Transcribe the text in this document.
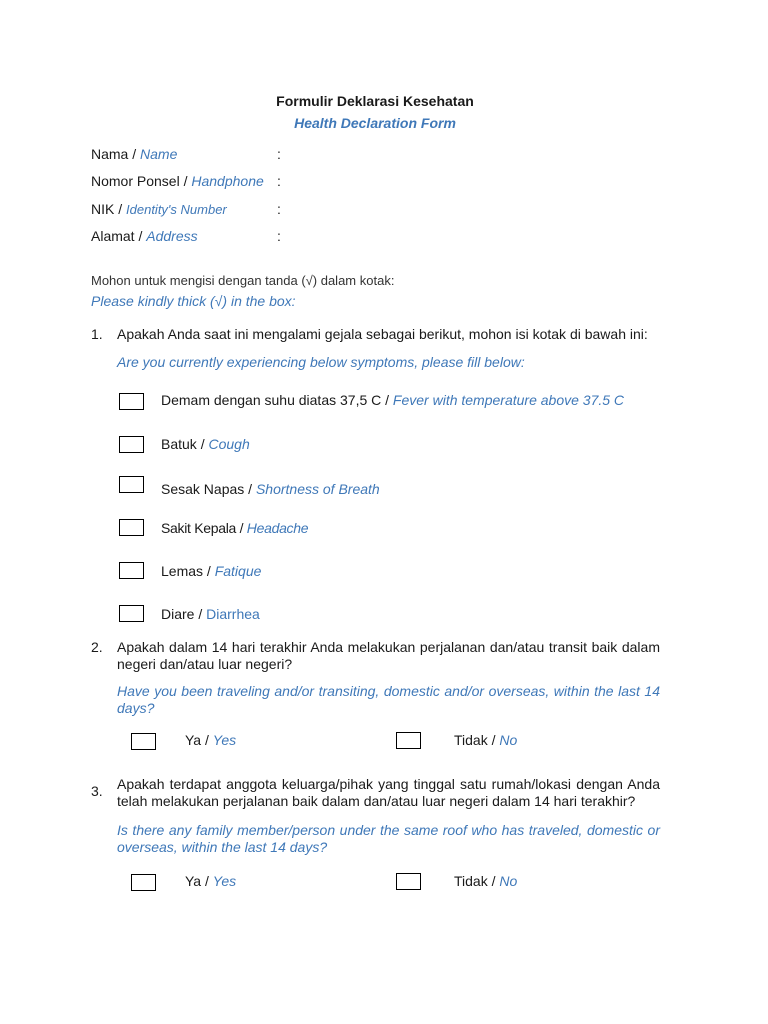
Formulir Deklarasi Kesehatan
Health Declaration Form
Nama / Name	:
Nomor Ponsel / Handphone :
NIK / Identity's Number	:
Alamat / Address	:
Mohon untuk mengisi dengan tanda (√) dalam kotak:
Please kindly thick (√) in the box:
1. Apakah Anda saat ini mengalami gejala sebagai berikut, mohon isi kotak di bawah ini:
Are you currently experiencing below symptoms, please fill below:
Demam dengan suhu diatas 37,5 C / Fever with temperature above 37.5 C
Batuk / Cough
Sesak Napas / Shortness of Breath
Sakit Kepala / Headache
Lemas / Fatique
Diare / Diarrhea
2. Apakah dalam 14 hari terakhir Anda melakukan perjalanan dan/atau transit baik dalam negeri dan/atau luar negeri?
Have you been traveling and/or transiting, domestic and/or overseas, within the last 14 days?
Ya / Yes	Tidak / No
3. Apakah terdapat anggota keluarga/pihak yang tinggal satu rumah/lokasi dengan Anda telah melakukan perjalanan baik dalam dan/atau luar negeri dalam 14 hari terakhir?
Is there any family member/person under the same roof who has traveled, domestic or overseas, within the last 14 days?
Ya / Yes	Tidak / No
